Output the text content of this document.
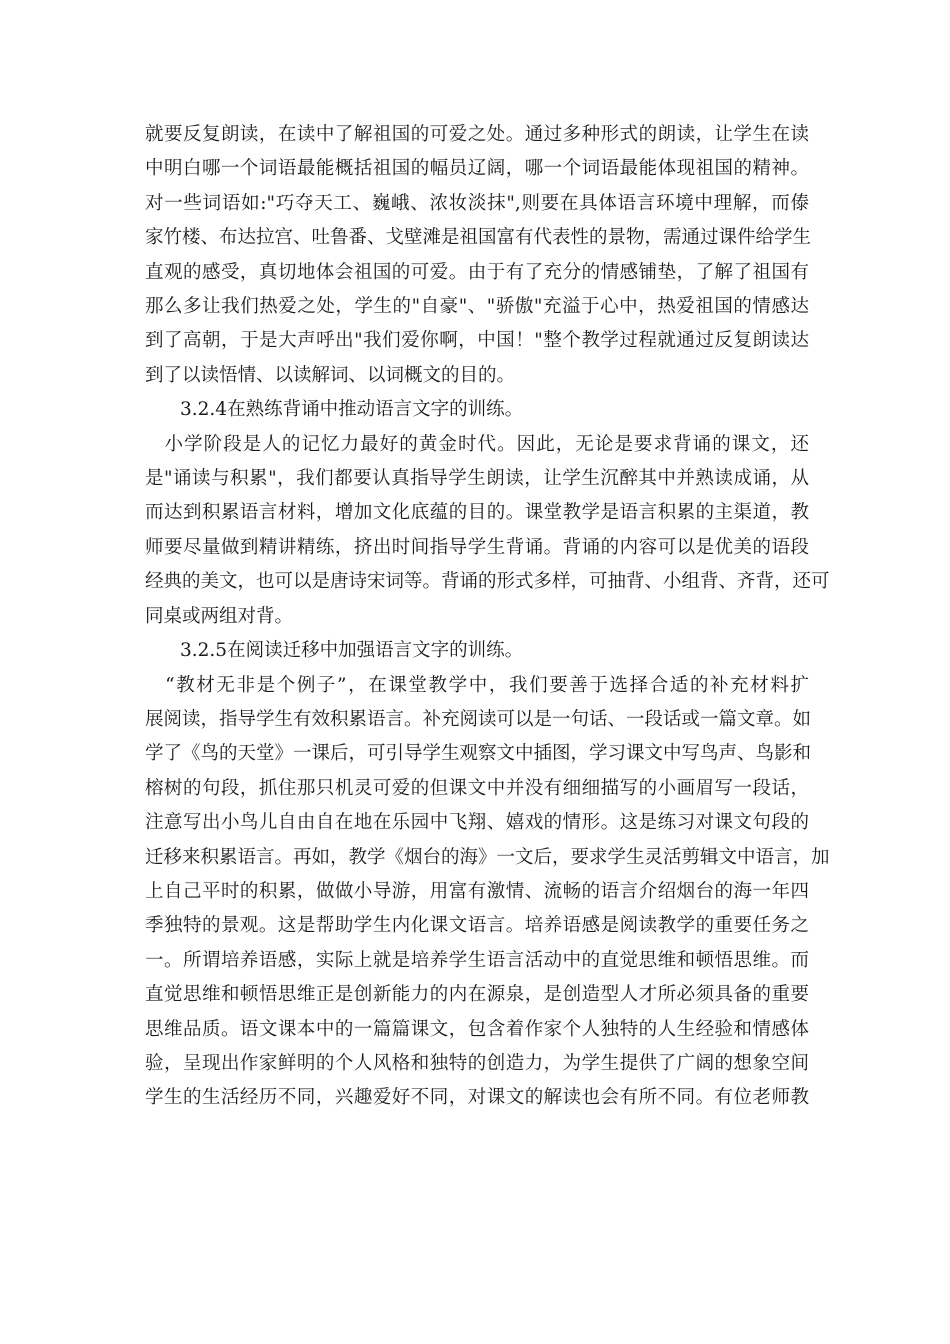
就要反复朗读，在读中了解祖国的可爱之处。通过多种形式的朗读，让学生在读
中明白哪一个词语最能概括祖国的幅员辽阔，哪一个词语最能体现祖国的精神。
对一些词语如:"巧夺天工、巍峨、浓妆淡抹",则要在具体语言环境中理解，而傣
家竹楼、布达拉宫、吐鲁番、戈壁滩是祖国富有代表性的景物，需通过课件给学生
直观的感受，真切地体会祖国的可爱。由于有了充分的情感铺垫，了解了祖国有
那么多让我们热爱之处，学生的"自豪"、"骄傲"充溢于心中，热爱祖国的情感达
到了高朝，于是大声呼出"我们爱你啊，中国！"整个教学过程就通过反复朗读达
到了以读悟情、以读解词、以词概文的目的。
3.2.4在熟练背诵中推动语言文字的训练。
　小学阶段是人的记忆力最好的黄金时代。因此，无论是要求背诵的课文，还
是"诵读与积累"，我们都要认真指导学生朗读，让学生沉醉其中并熟读成诵，从
而达到积累语言材料，增加文化底蕴的目的。课堂教学是语言积累的主渠道，教
师要尽量做到精讲精练，挤出时间指导学生背诵。背诵的内容可以是优美的语段
经典的美文，也可以是唐诗宋词等。背诵的形式多样，可抽背、小组背、齐背，还可
同桌或两组对背。
3.2.5在阅读迁移中加强语言文字的训练。
　“教材无非是个例子”，在课堂教学中，我们要善于选择合适的补充材料扩
展阅读，指导学生有效积累语言。补充阅读可以是一句话、一段话或一篇文章。如
学了《鸟的天堂》一课后，可引导学生观察文中插图，学习课文中写鸟声、鸟影和
榕树的句段，抓住那只机灵可爱的但课文中并没有细细描写的小画眉写一段话，
注意写出小鸟儿自由自在地在乐园中飞翔、嬉戏的情形。这是练习对课文句段的
迁移来积累语言。再如，教学《烟台的海》一文后，要求学生灵活剪辑文中语言，加
上自己平时的积累，做做小导游，用富有激情、流畅的语言介绍烟台的海一年四
季独特的景观。这是帮助学生内化课文语言。培养语感是阅读教学的重要任务之
一。所谓培养语感，实际上就是培养学生语言活动中的直觉思维和顿悟思维。而
直觉思维和顿悟思维正是创新能力的内在源泉，是创造型人才所必须具备的重要
思维品质。语文课本中的一篇篇课文，包含着作家个人独特的人生经验和情感体
验，呈现出作家鲜明的个人风格和独特的创造力，为学生提供了广阔的想象空间
学生的生活经历不同，兴趣爱好不同，对课文的解读也会有所不同。有位老师教
